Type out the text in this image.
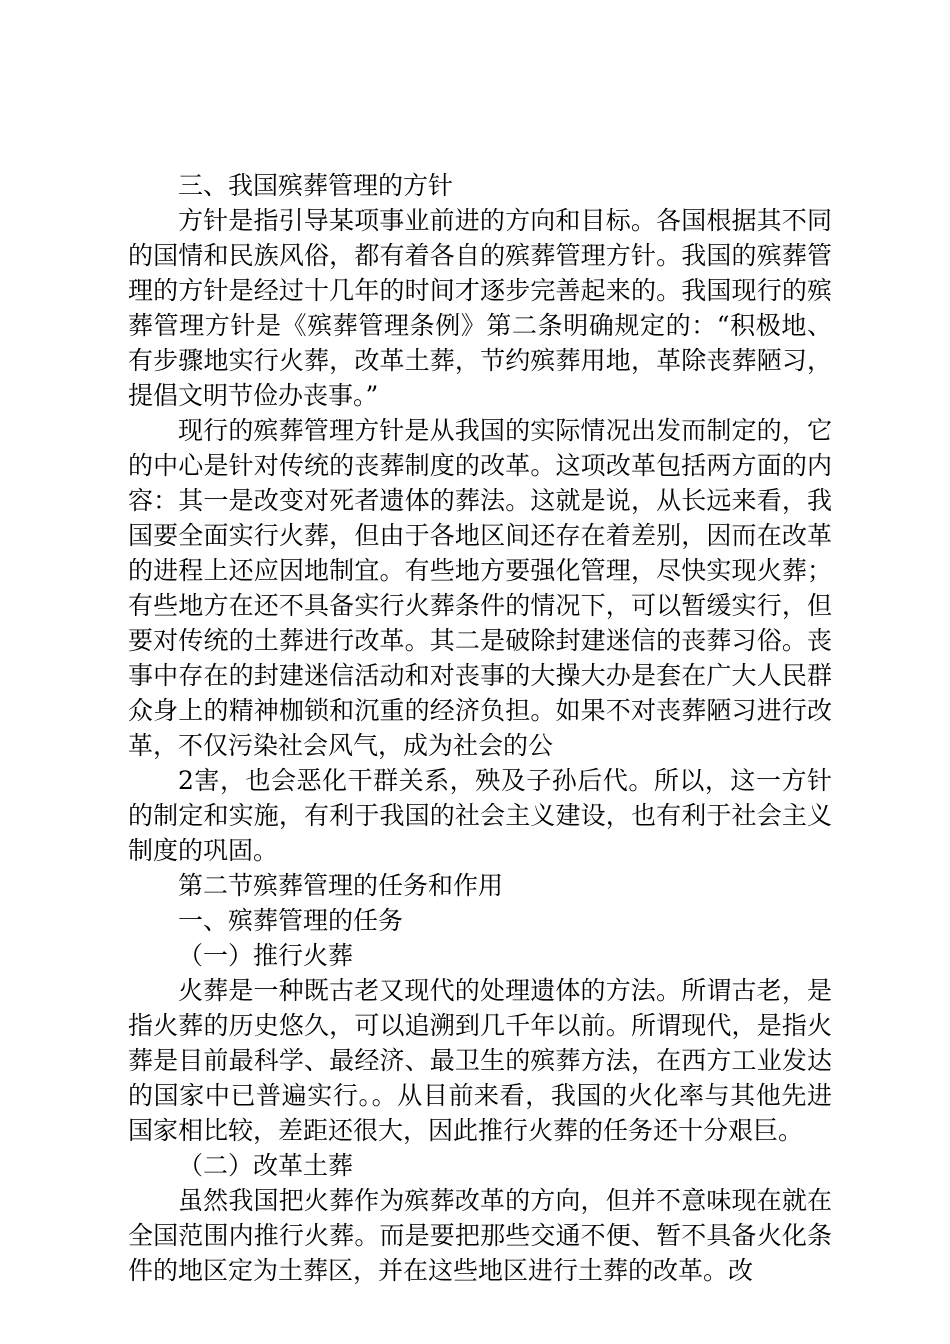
三、我国殡葬管理的方针

方针是指引导某项事业前进的方向和目标。各国根据其不同的国情和民族风俗，都有着各自的殡葬管理方针。我国的殡葬管理的方针是经过十几年的时间才逐步完善起来的。我国现行的殡葬管理方针是《殡葬管理条例》第二条明确规定的：“积极地、有步骤地实行火葬，改革土葬，节约殡葬用地，革除丧葬陋习，提倡文明节俭办丧事。”

现行的殡葬管理方针是从我国的实际情况出发而制定的，它的中心是针对传统的丧葬制度的改革。这项改革包括两方面的内容：其一是改变对死者遗体的葬法。这就是说，从长远来看，我国要全面实行火葬，但由于各地区间还存在着差别，因而在改革的进程上还应因地制宜。有些地方要强化管理，尽快实现火葬；有些地方在还不具备实行火葬条件的情况下，可以暂缓实行，但要对传统的土葬进行改革。其二是破除封建迷信的丧葬习俗。丧事中存在的封建迷信活动和对丧事的大操大办是套在广大人民群众身上的精神枷锁和沉重的经济负担。如果不对丧葬陋习进行改革，不仅污染社会风气，成为社会的公

2害，也会恶化干群关系，殃及子孙后代。所以，这一方针的制定和实施，有利于我国的社会主义建设，也有利于社会主义制度的巩固。

第二节殡葬管理的任务和作用

一、殡葬管理的任务

（一）推行火葬

火葬是一种既古老又现代的处理遗体的方法。所谓古老，是指火葬的历史悠久，可以追溯到几千年以前。所谓现代，是指火葬是目前最科学、最经济、最卫生的殡葬方法，在西方工业发达的国家中已普遍实行。。从目前来看，我国的火化率与其他先进国家相比较，差距还很大，因此推行火葬的任务还十分艰巨。

（二）改革土葬

虽然我国把火葬作为殡葬改革的方向，但并不意味现在就在全国范围内推行火葬。而是要把那些交通不便、暂不具备火化条件的地区定为土葬区，并在这些地区进行土葬的改革。改
